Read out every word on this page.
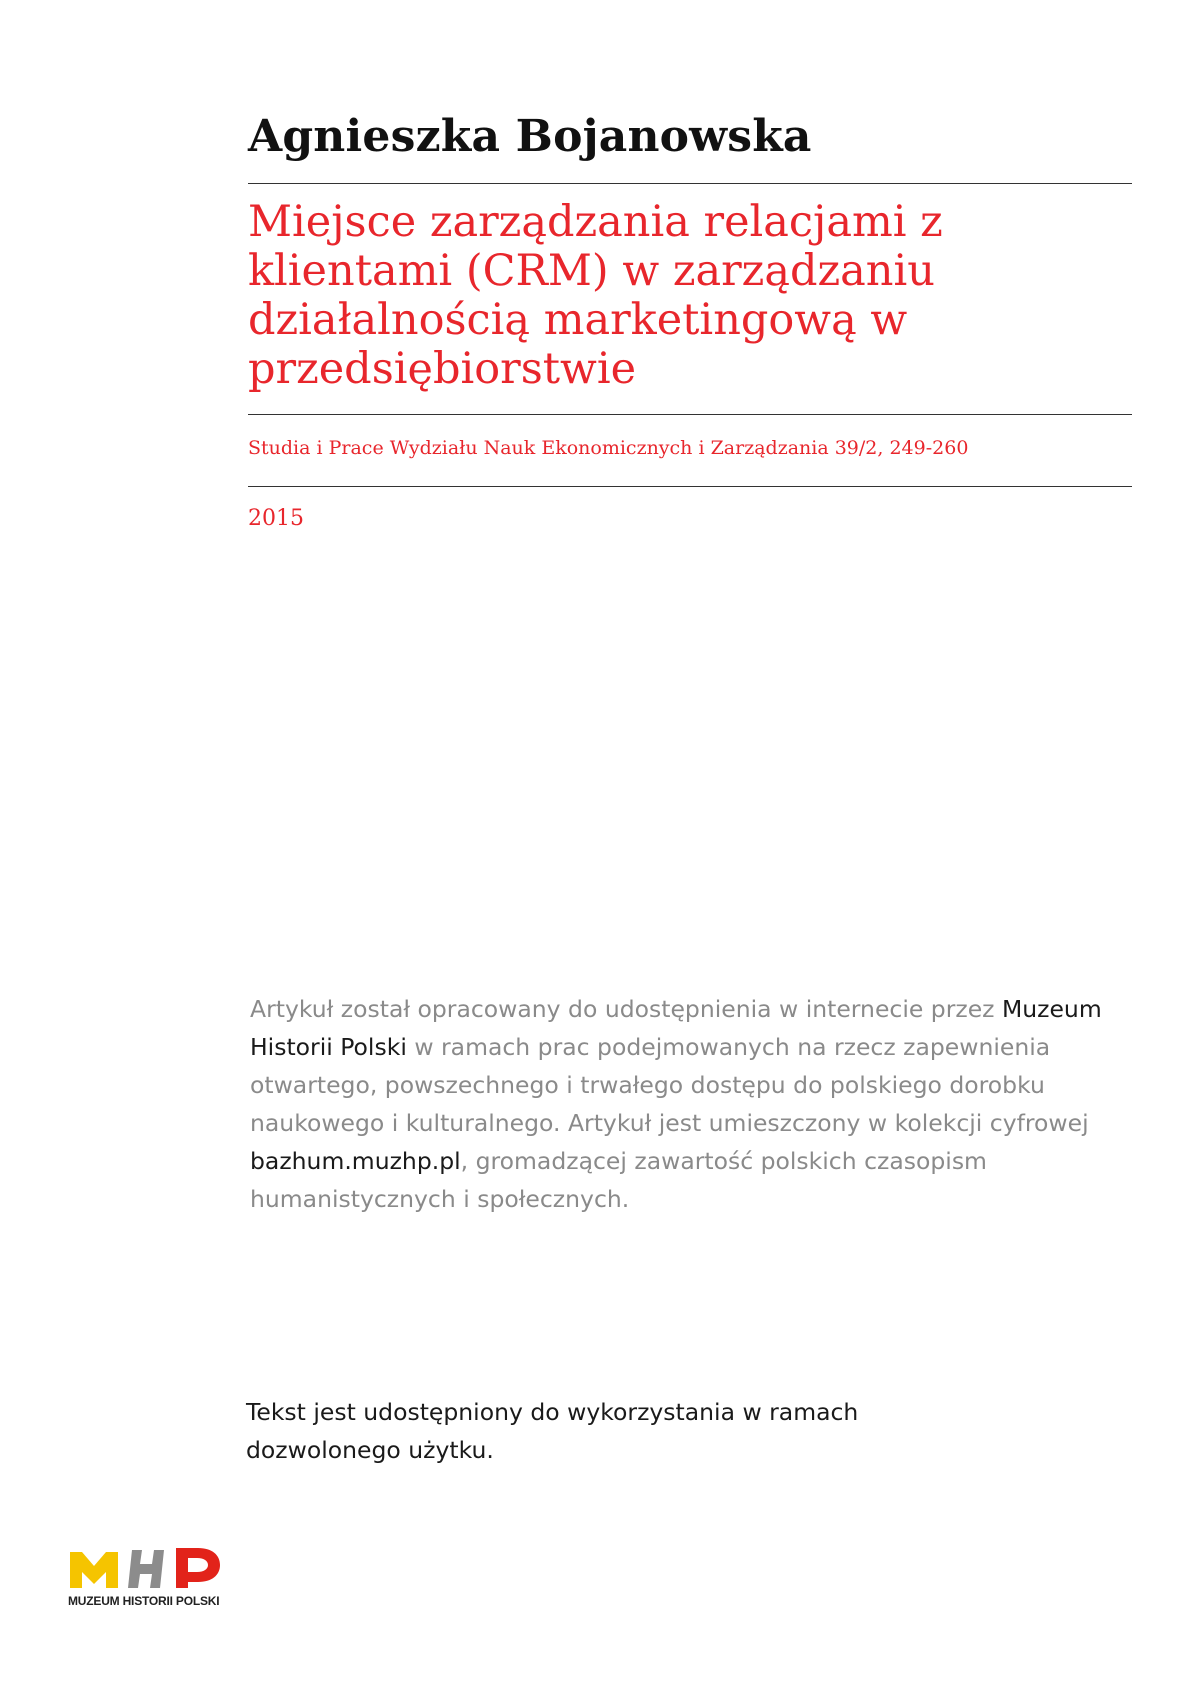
Agnieszka Bojanowska
Miejsce zarządzania relacjami z klientami (CRM) w zarządzaniu działalnością marketingową w przedsiębiorstwie
Studia i Prace Wydziału Nauk Ekonomicznych i Zarządzania 39/2, 249-260
2015

Artykuł został opracowany do udostępnienia w internecie przez Muzeum Historii Polski w ramach prac podejmowanych na rzecz zapewnienia otwartego, powszechnego i trwałego dostępu do polskiego dorobku naukowego i kulturalnego. Artykuł jest umieszczony w kolekcji cyfrowej bazhum.muzhp.pl, gromadzącej zawartość polskich czasopism humanistycznych i społecznych.

Tekst jest udostępniony do wykorzystania w ramach dozwolonego użytku.

MUZEUM HISTORII POLSKI
